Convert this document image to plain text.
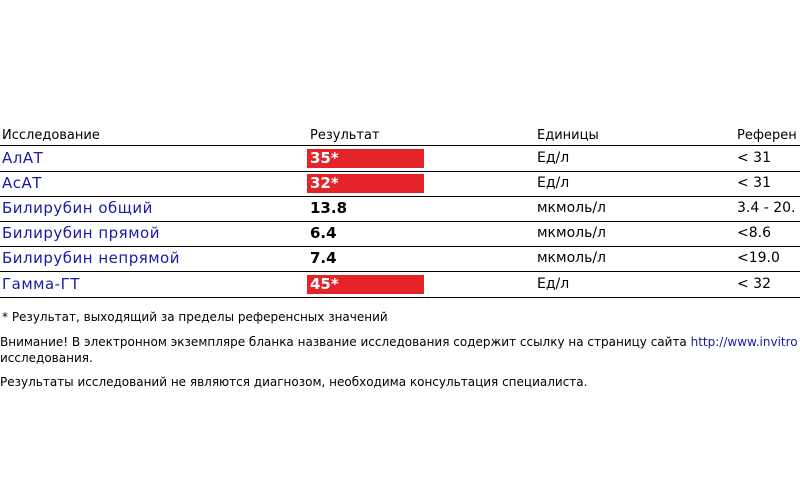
Исследование	Результат	Единицы	Референ
АлАТ	35*	Ед/л	< 31
АсАТ	32*	Ед/л	< 31
Билирубин общий	13.8	мкмоль/л	3.4 - 20.
Билирубин прямой	6.4	мкмоль/л	<8.6
Билирубин непрямой	7.4	мкмоль/л	<19.0
Гамма-ГТ	45*	Ед/л	< 32
* Результат, выходящий за пределы референсных значений
Внимание! В электронном экземпляре бланка название исследования содержит ссылку на страницу сайта http://www.invitro
исследования.
Результаты исследований не являются диагнозом, необходима консультация специалиста.
